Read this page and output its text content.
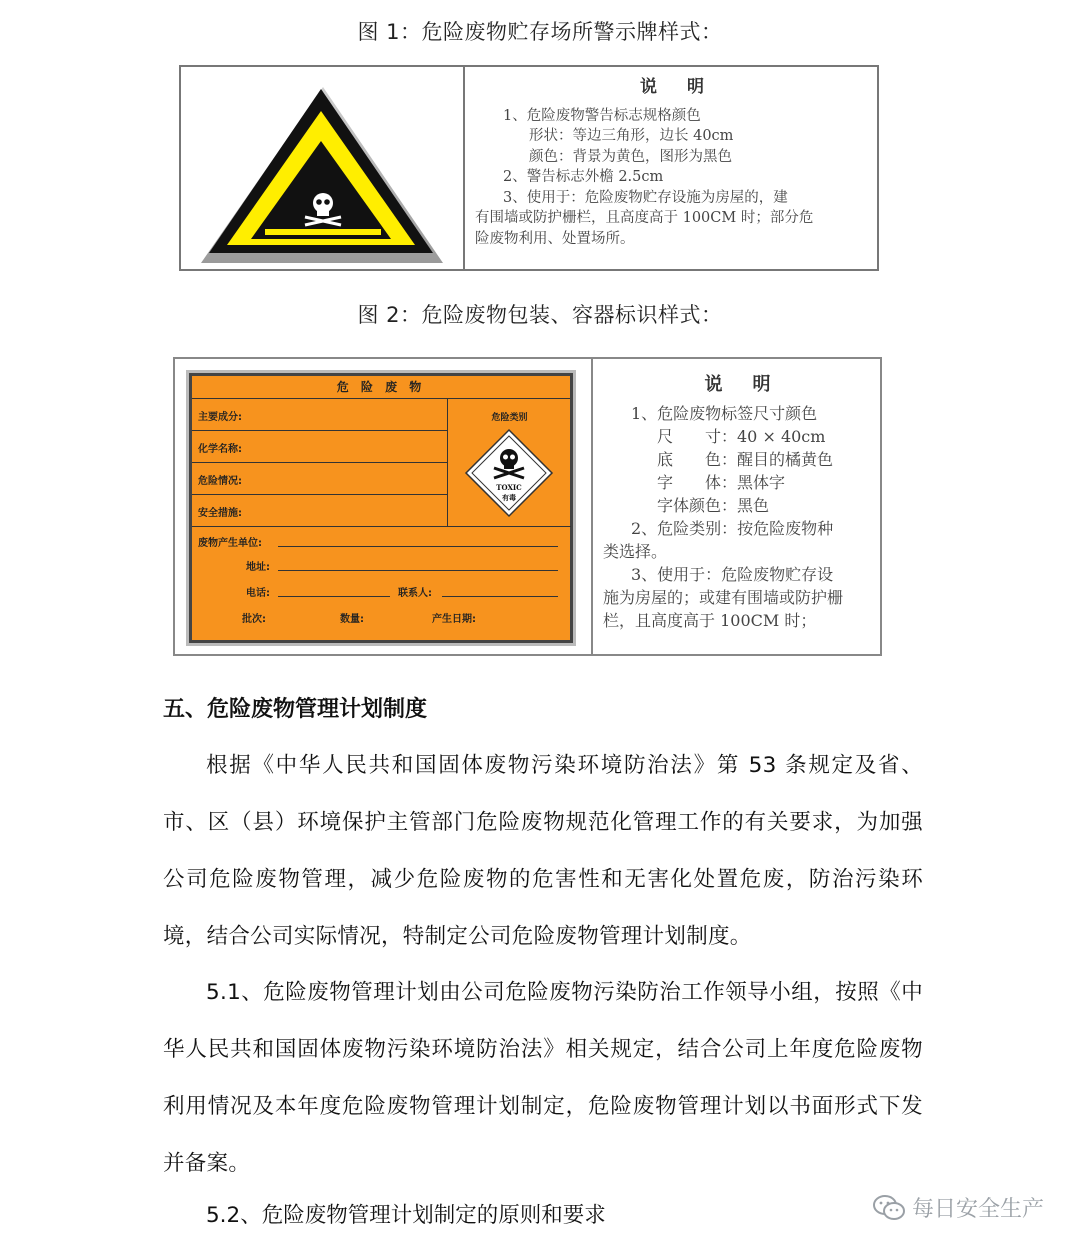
图 1：危险废物贮存场所警示牌样式：
说明
1、危险废物警告标志规格颜色
形状：等边三角形，边长 40cm
颜色：背景为黄色，图形为黑色
2、警告标志外檐 2.5cm
3、使用于：危险废物贮存设施为房屋的，建
有围墙或防护栅栏，且高度高于 100CM 时；部分危
险废物利用、处置场所。
图 2：危险废物包装、容器标识样式：
危 险 废 物
主要成分:
化学名称:
危险情况:
安全措施:
危险类别
TOXIC
有毒
废物产生单位:
地址:
电话:	联系人:
批次:	数量:	产生日期:
说明
1、危险废物标签尺寸颜色
尺　　寸：40 × 40cm
底　　色：醒目的橘黄色
字　　体：黑体字
字体颜色：黑色
2、危险类别：按危险废物种
类选择。
3、使用于：危险废物贮存设
施为房屋的；或建有围墙或防护栅
栏，且高度高于 100CM 时；
五、危险废物管理计划制度
根据《中华人民共和国固体废物污染环境防治法》第 53 条规定及省、市、区（县）环境保护主管部门危险废物规范化管理工作的有关要求，为加强公司危险废物管理，减少危险废物的危害性和无害化处置危废，防治污染环境，结合公司实际情况，特制定公司危险废物管理计划制度。
5.1、危险废物管理计划由公司危险废物污染防治工作领导小组，按照《中华人民共和国固体废物污染环境防治法》相关规定，结合公司上年度危险废物利用情况及本年度危险废物管理计划制定，危险废物管理计划以书面形式下发并备案。
5.2、危险废物管理计划制定的原则和要求	每日安全生产
